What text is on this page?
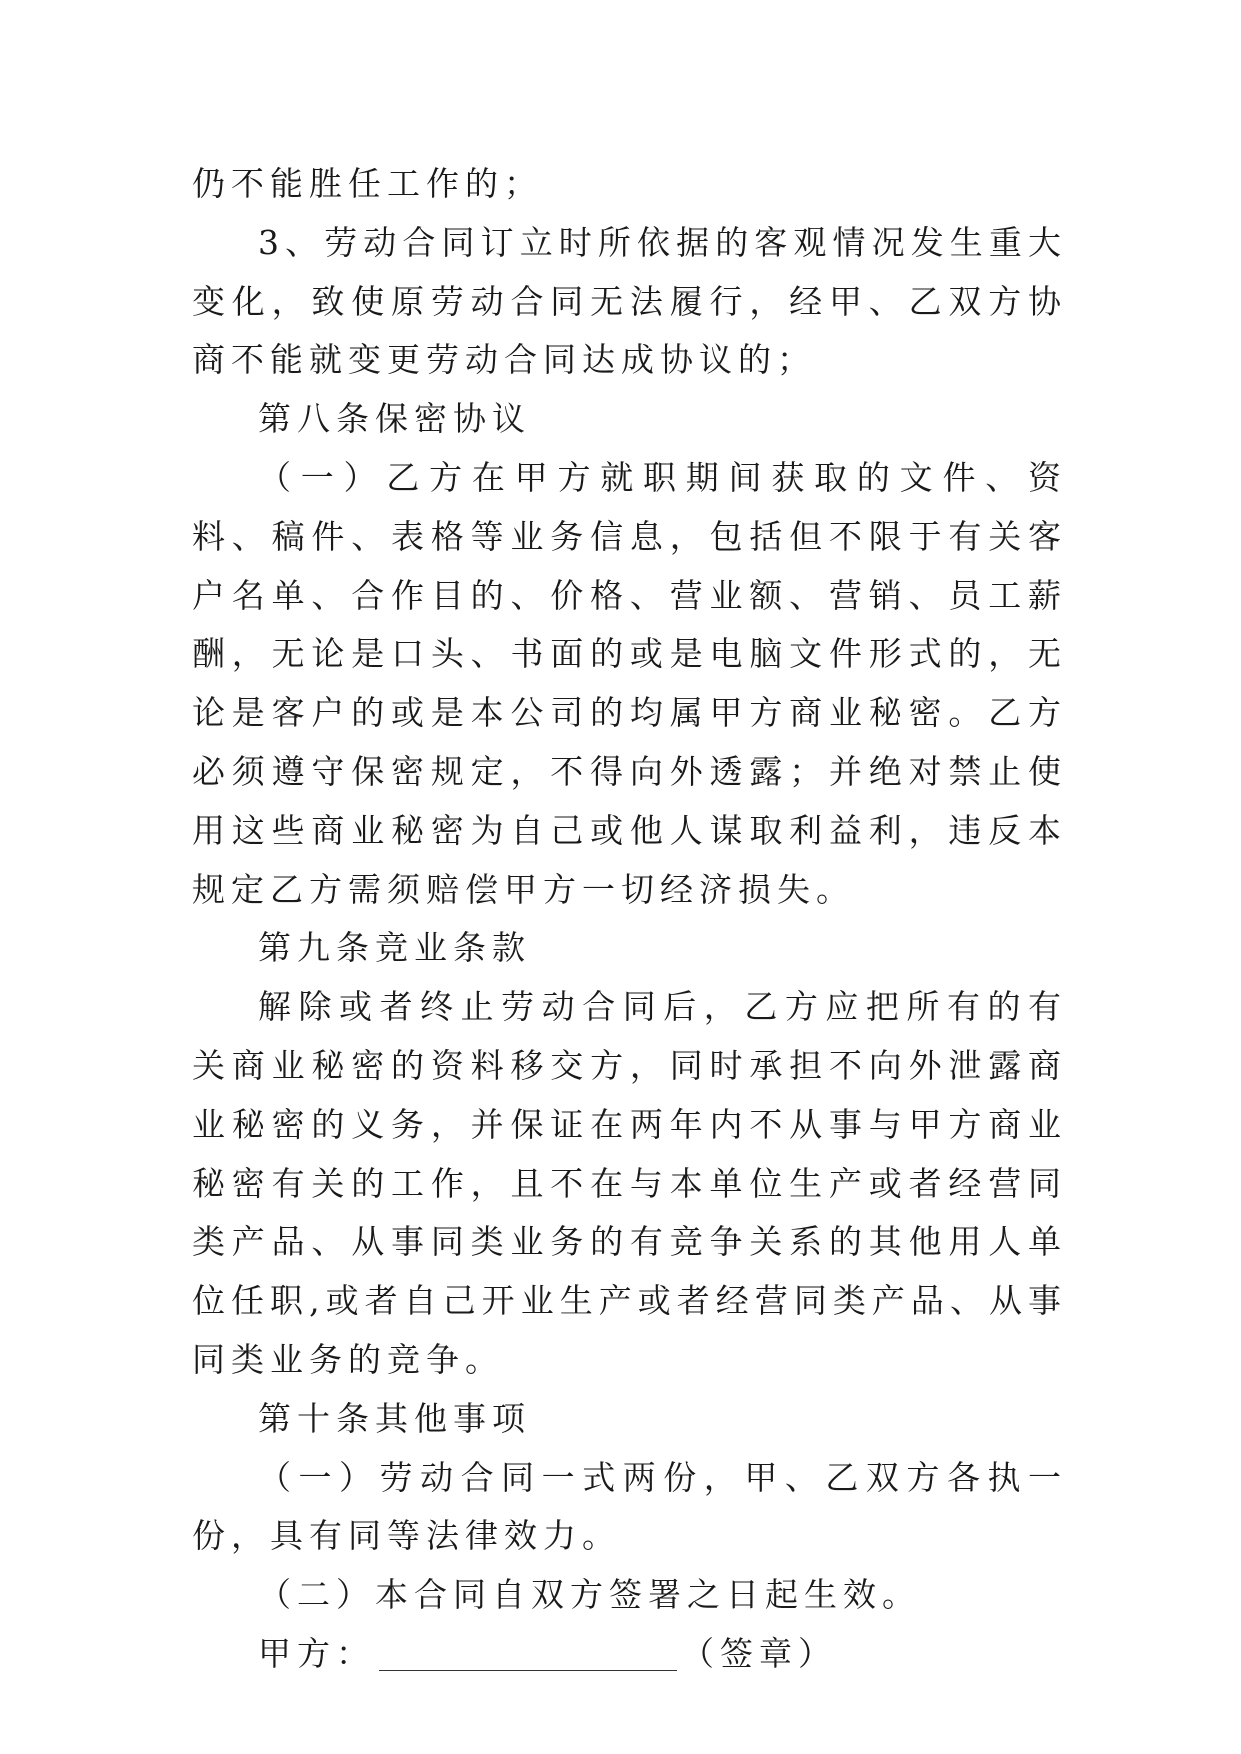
仍不能胜任工作的；

3、劳动合同订立时所依据的客观情况发生重大变化，致使原劳动合同无法履行，经甲、乙双方协商不能就变更劳动合同达成协议的；

第八条保密协议

（一）乙方在甲方就职期间获取的文件、资料、稿件、表格等业务信息，包括但不限于有关客户名单、合作目的、价格、营业额、营销、员工薪酬，无论是口头、书面的或是电脑文件形式的，无论是客户的或是本公司的均属甲方商业秘密。乙方必须遵守保密规定，不得向外透露；并绝对禁止使用这些商业秘密为自己或他人谋取利益利，违反本规定乙方需须赔偿甲方一切经济损失。

第九条竞业条款

解除或者终止劳动合同后，乙方应把所有的有关商业秘密的资料移交方，同时承担不向外泄露商业秘密的义务，并保证在两年内不从事与甲方商业秘密有关的工作，且不在与本单位生产或者经营同类产品、从事同类业务的有竞争关系的其他用人单位任职,或者自己开业生产或者经营同类产品、从事同类业务的竞争。

第十条其他事项

（一）劳动合同一式两份，甲、乙双方各执一份，具有同等法律效力。

（二）本合同自双方签署之日起生效。

甲方：	（签章）
